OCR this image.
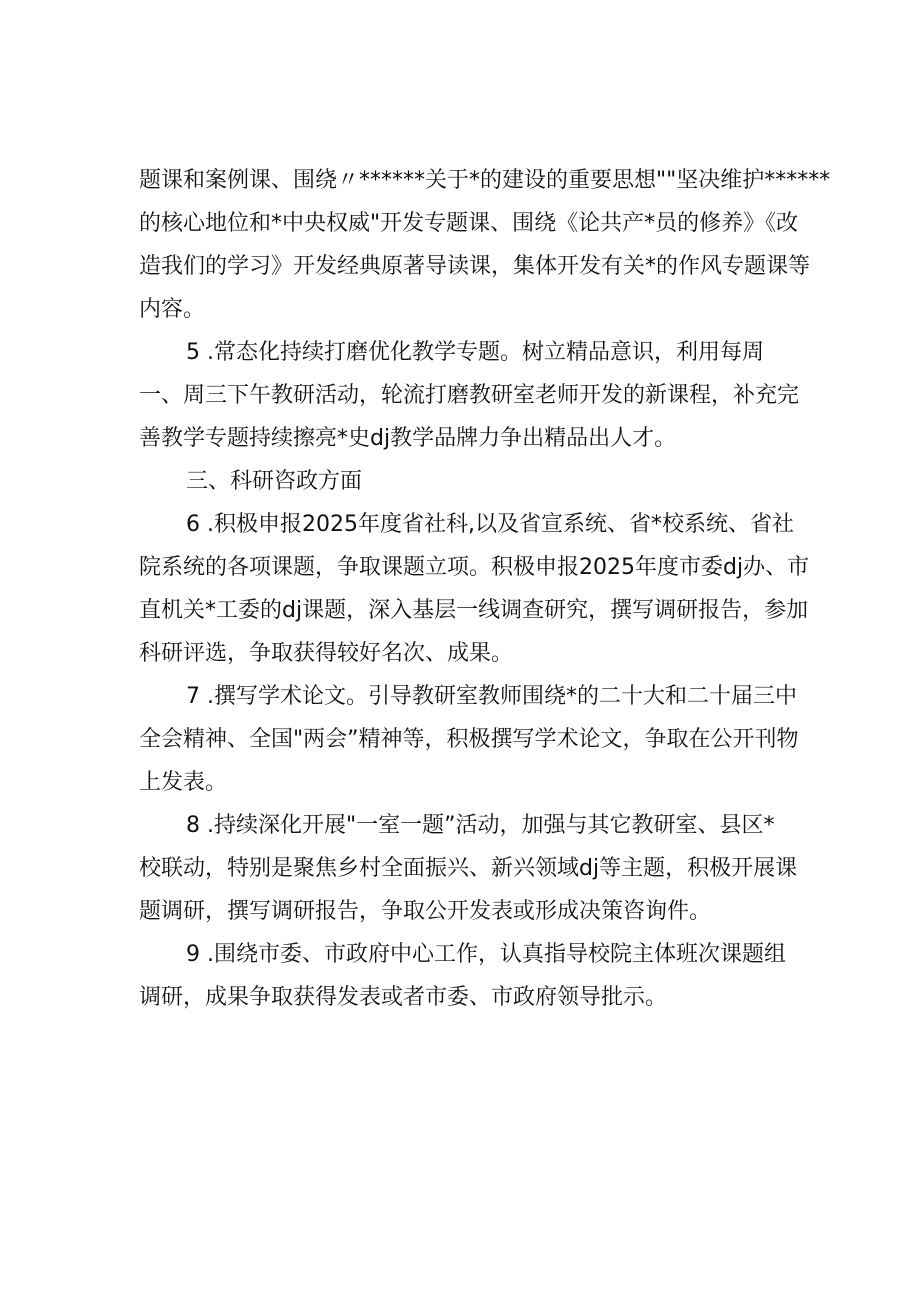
题课和案例课、围绕〃******关于*的建设的重要思想""坚决维护******
的核心地位和*中央权威"开发专题课、围绕《论共产*员的修养》《改
造我们的学习》开发经典原著导读课，集体开发有关*的作风专题课等
内容。
5 .常态化持续打磨优化教学专题。树立精品意识，利用每周
一、周三下午教研活动，轮流打磨教研室老师开发的新课程，补充完
善教学专题持续擦亮*史dj教学品牌力争出精品出人才。
三、科研咨政方面
6 .积极申报2025年度省社科,以及省宣系统、省*校系统、省社
院系统的各项课题，争取课题立项。积极申报2025年度市委dj办、市
直机关*工委的dj课题，深入基层一线调查研究，撰写调研报告，参加
科研评选，争取获得较好名次、成果。
7 .撰写学术论文。引导教研室教师围绕*的二十大和二十届三中
全会精神、全国"两会”精神等，积极撰写学术论文，争取在公开刊物
上发表。
8 .持续深化开展"一室一题”活动，加强与其它教研室、县区*
校联动，特别是聚焦乡村全面振兴、新兴领域dj等主题，积极开展课
题调研，撰写调研报告，争取公开发表或形成决策咨询件。
9 .围绕市委、市政府中心工作，认真指导校院主体班次课题组
调研，成果争取获得发表或者市委、市政府领导批示。
